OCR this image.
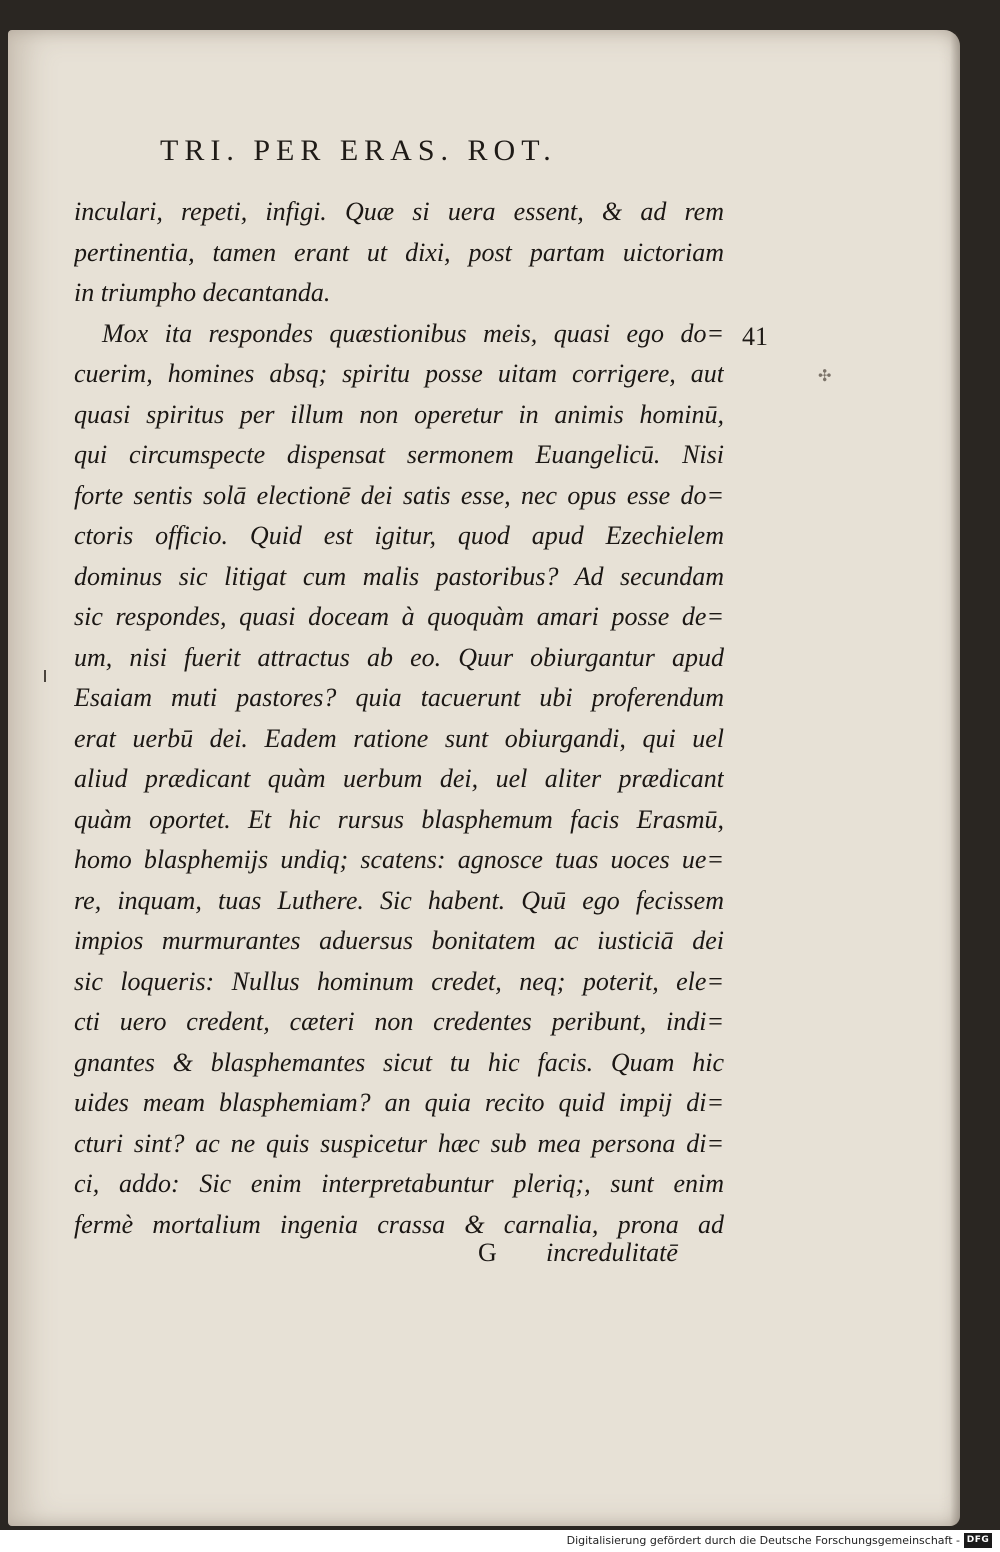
TRI. PER ERAS. ROT.
41
✣
inculari, repeti, infigi. Quæ si uera essent, & ad rem
pertinentia, tamen erant ut dixi, post partam uictoriam
in triumpho decantanda.
Mox ita respondes quæstionibus meis, quasi ego do=
cuerim, homines absq; spiritu posse uitam corrigere, aut
quasi spiritus per illum non operetur in animis hominū,
qui circumspecte dispensat sermonem Euangelicū. Nisi
forte sentis solā electionē dei satis esse, nec opus esse do=
ctoris officio. Quid est igitur, quod apud Ezechielem
dominus sic litigat cum malis pastoribus? Ad secundam
sic respondes, quasi doceam à quoquàm amari posse de=
um, nisi fuerit attractus ab eo. Quur obiurgantur apud
Esaiam muti pastores? quia tacuerunt ubi proferendum
erat uerbū dei. Eadem ratione sunt obiurgandi, qui uel
aliud prædicant quàm uerbum dei, uel aliter prædicant
quàm oportet. Et hic rursus blasphemum facis Erasmū,
homo blasphemijs undiq; scatens: agnosce tuas uoces ue=
re, inquam, tuas Luthere. Sic habent. Quū ego fecissem
impios murmurantes aduersus bonitatem ac iusticiā dei
sic loqueris: Nullus hominum credet, neq; poterit, ele=
cti uero credent, cæteri non credentes peribunt, indi=
gnantes & blasphemantes sicut tu hic facis. Quam hic
uides meam blasphemiam? an quia recito quid impij di=
cturi sint? ac ne quis suspicetur hæc sub mea persona di=
ci, addo: Sic enim interpretabuntur pleriq;, sunt enim
fermè mortalium ingenia crassa & carnalia, prona ad
G incredulitatē
Digitalisierung gefördert durch die Deutsche Forschungsgemeinschaft - DFG
